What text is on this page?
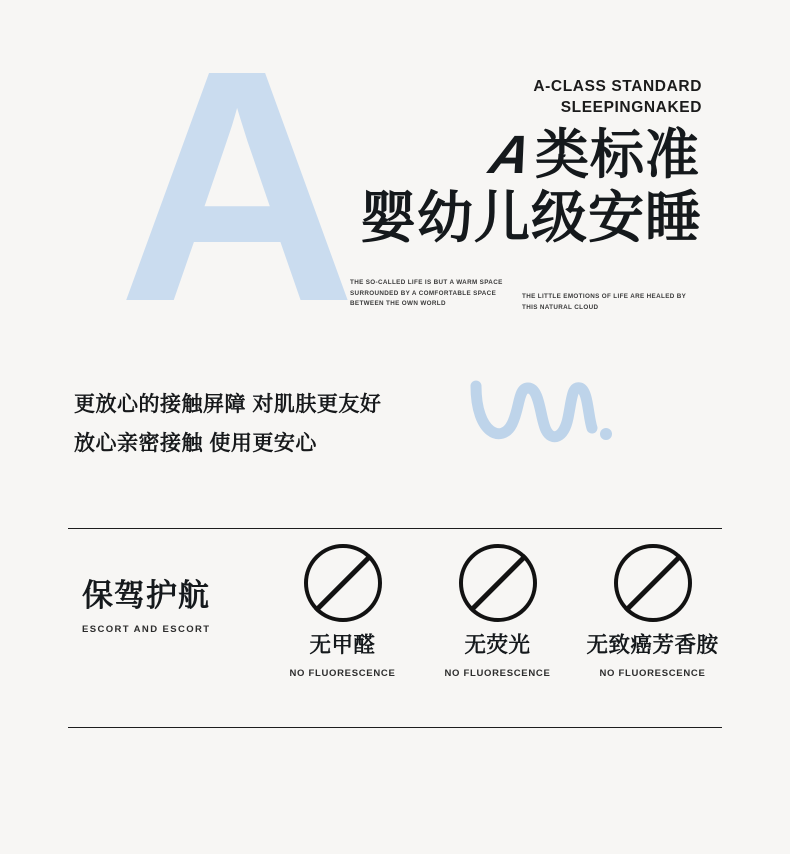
A	A-CLASS STANDARD
SLEEPINGNAKED
A类标准
婴幼儿级安睡
THE SO-CALLED LIFE IS BUT A WARM SPACE SURROUNDED BY A COMFORTABLE SPACE BETWEEN THE OWN WORLD
THE LITTLE EMOTIONS OF LIFE ARE HEALED BY THIS NATURAL CLOUD
更放心的接触屏障 对肌肤更友好
放心亲密接触 使用更安心
保驾护航
ESCORT AND ESCORT
无甲醛
NO FLUORESCENCE
无荧光
NO FLUORESCENCE
无致癌芳香胺
NO FLUORESCENCE
